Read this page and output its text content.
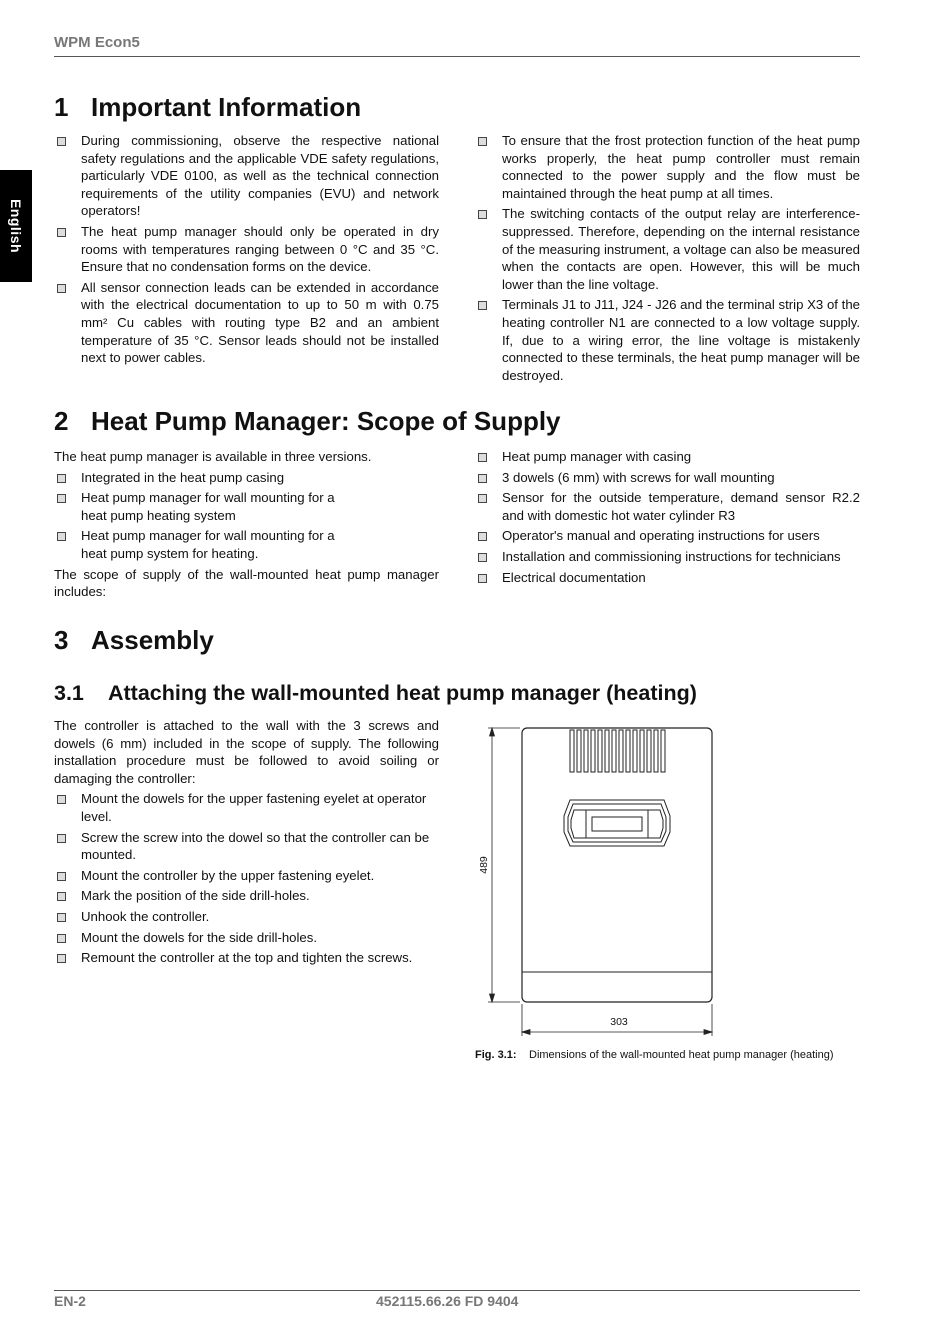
WPM Econ5
English
1 Important Information
During commissioning, observe the respective national safety regulations and the applicable VDE safety regulations, particularly VDE 0100, as well as the technical connection requirements of the utility companies (EVU) and network operators!
The heat pump manager should only be operated in dry rooms with temperatures ranging between 0 °C and 35 °C. Ensure that no condensation forms on the device.
All sensor connection leads can be extended in accordance with the electrical documentation to up to 50 m with 0.75 mm² Cu cables with routing type B2 and an ambient temperature of 35 °C. Sensor leads should not be installed next to power cables.
To ensure that the frost protection function of the heat pump works properly, the heat pump controller must remain connected to the power supply and the flow must be maintained through the heat pump at all times.
The switching contacts of the output relay are interference-suppressed. Therefore, depending on the internal resistance of the measuring instrument, a voltage can also be measured when the contacts are open. However, this will be much lower than the line voltage.
Terminals J1 to J11, J24 - J26 and the terminal strip X3 of the heating controller N1 are connected to a low voltage supply. If, due to a wiring error, the line voltage is mistakenly connected to these terminals, the heat pump manager will be destroyed.
2 Heat Pump Manager: Scope of Supply

The heat pump manager is available in three versions.

Integrated in the heat pump casing
Heat pump manager for wall mounting for a heat pump heating system
Heat pump manager for wall mounting for a heat pump system for heating.

The scope of supply of the wall-mounted heat pump manager includes:

Heat pump manager with casing
3 dowels (6 mm) with screws for wall mounting
Sensor for the outside temperature, demand sensor R2.2 and with domestic hot water cylinder R3
Operator's manual and operating instructions for users
Installation and commissioning instructions for technicians
Electrical documentation
3 Assembly
3.1 Attaching the wall-mounted heat pump manager (heating)

The controller is attached to the wall with the 3 screws and dowels (6 mm) included in the scope of supply. The following installation procedure must be followed to avoid soiling or damaging the controller:

Mount the dowels for the upper fastening eyelet at operator level.
Screw the screw into the dowel so that the controller can be mounted.
Mount the controller by the upper fastening eyelet.
Mark the position of the side drill-holes.
Unhook the controller.
Mount the dowels for the side drill-holes.
Remount the controller at the top and tighten the screws.
489
303
Fig. 3.1: Dimensions of the wall-mounted heat pump manager (heating)
EN-2	452115.66.26 FD 9404
